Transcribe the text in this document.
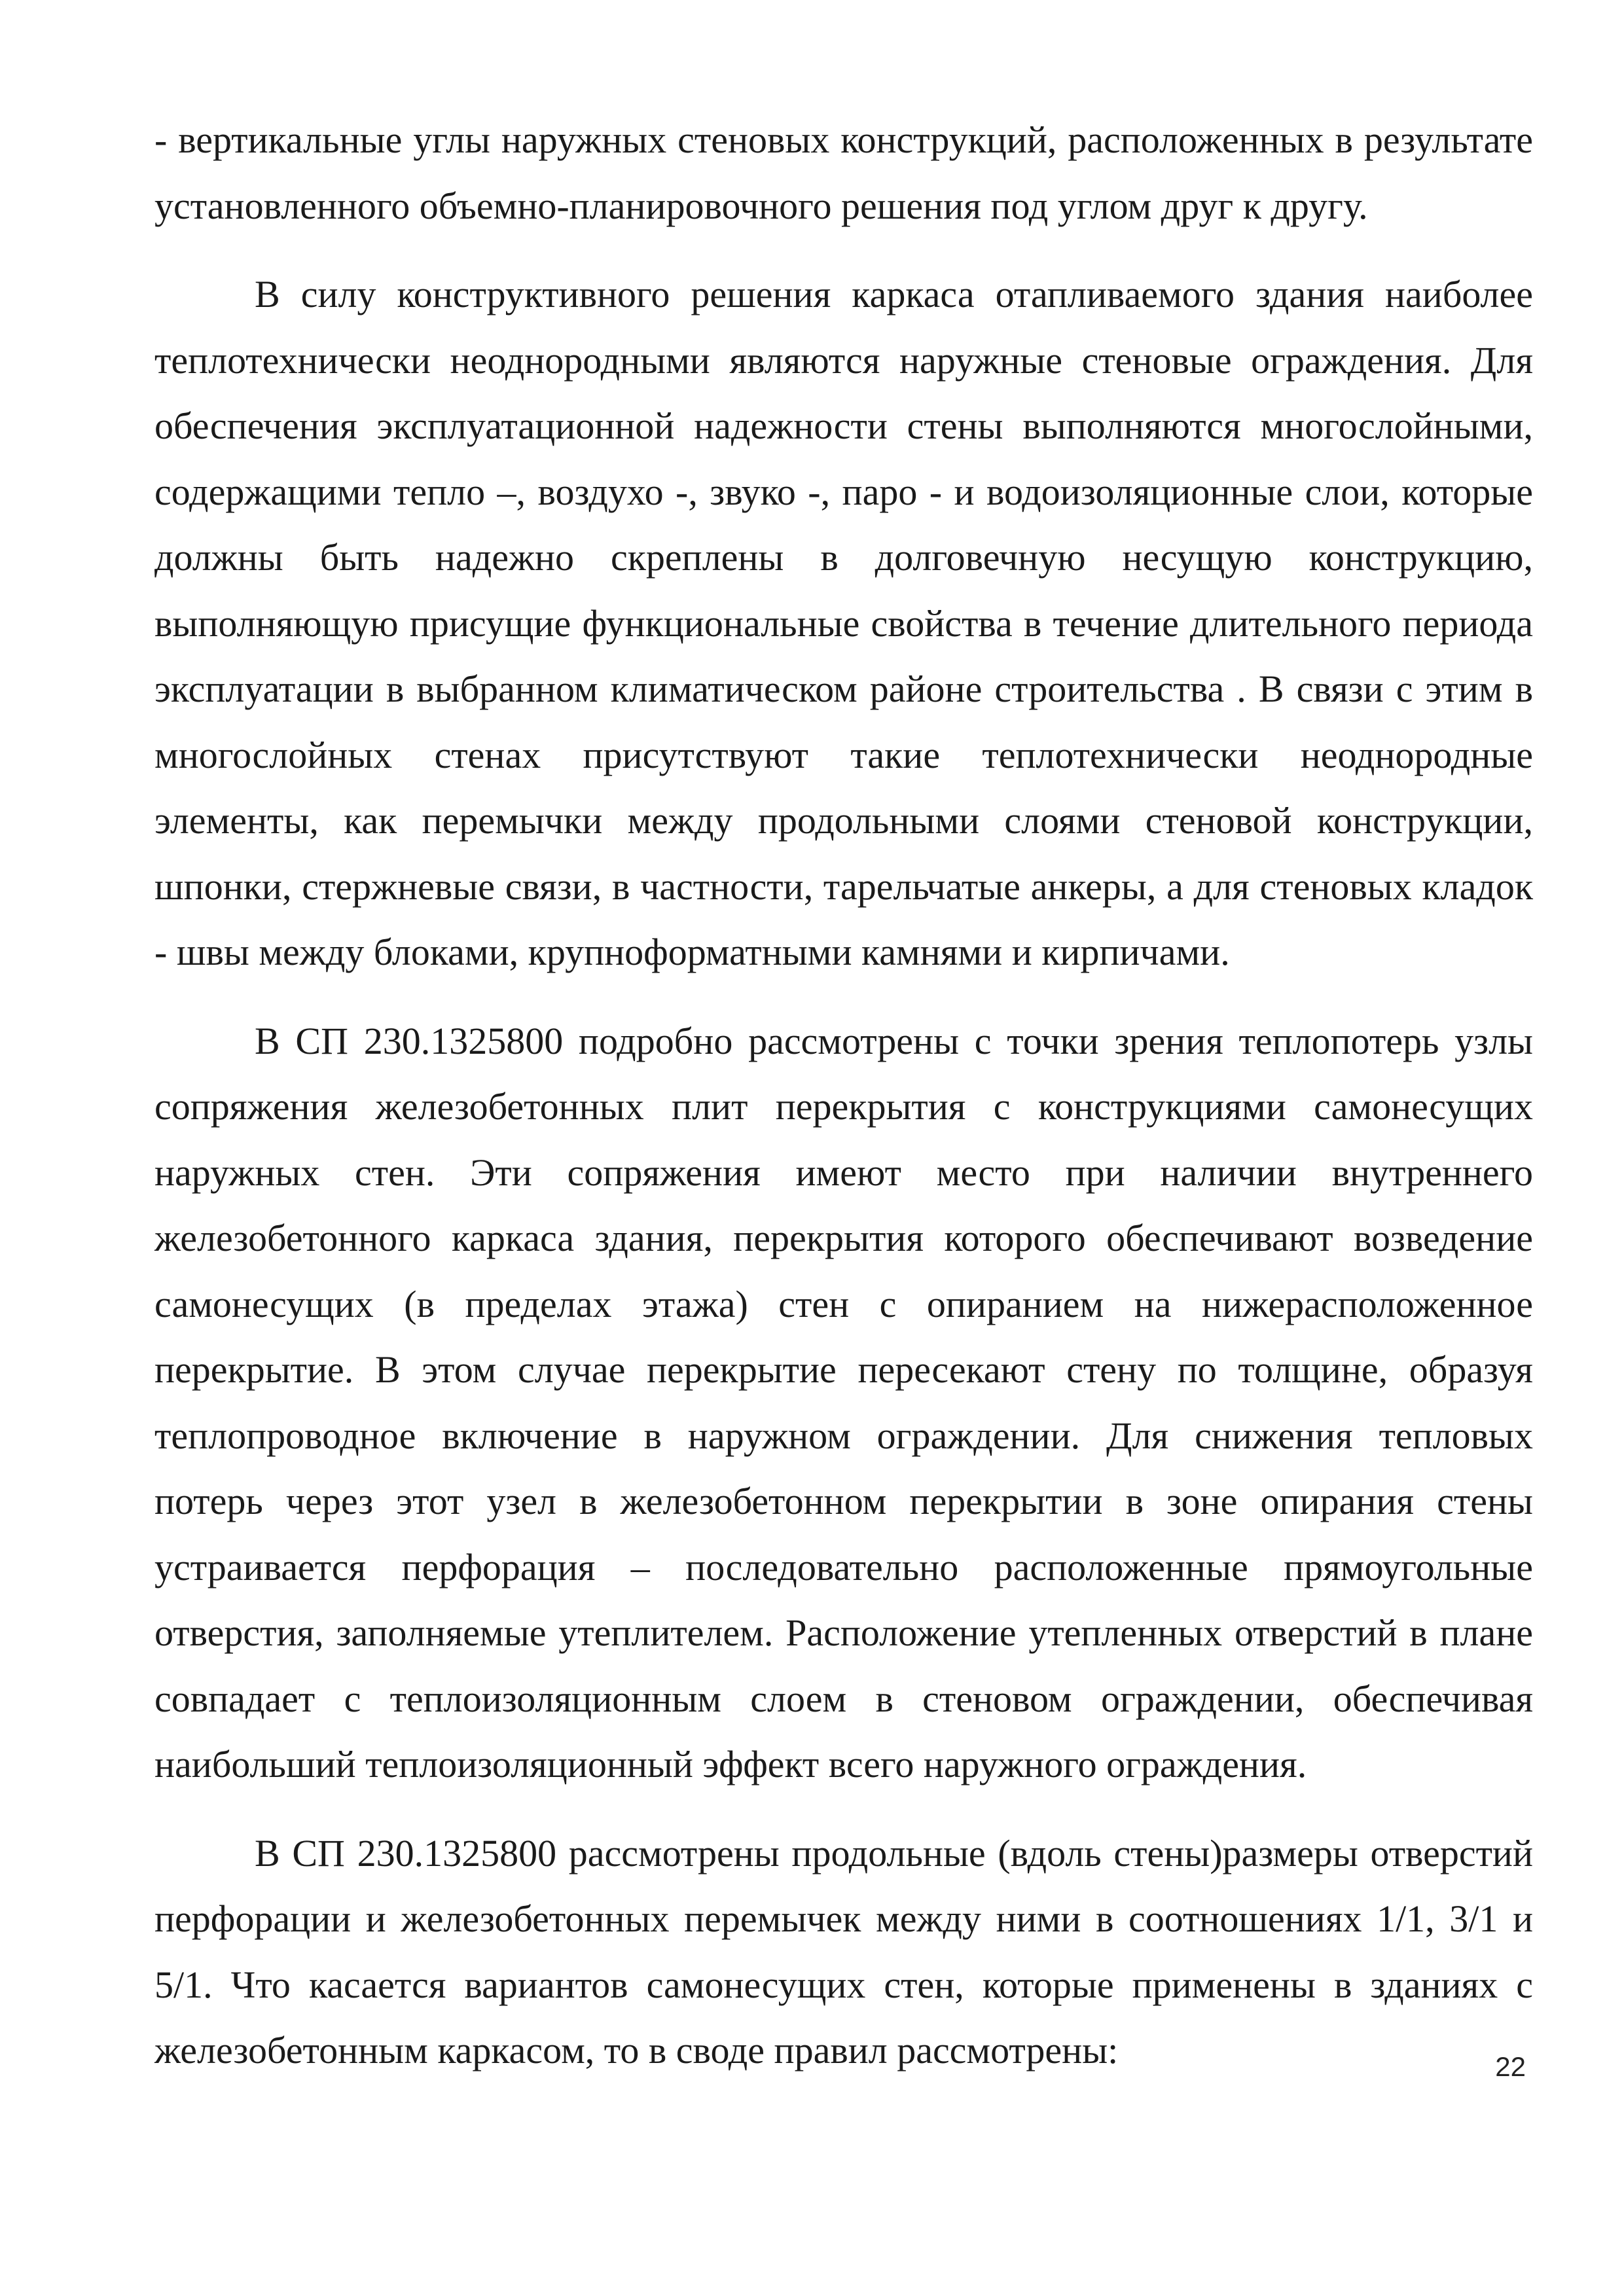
- вертикальные углы наружных стеновых конструкций, расположенных в результате установленного объемно-планировочного решения под углом друг к другу.

В силу конструктивного решения каркаса отапливаемого здания наиболее теплотехнически неоднородными являются наружные стеновые ограждения. Для обеспечения эксплуатационной надежности стены выполняются многослойными, содержащими тепло –, воздухо -, звуко -, паро - и водоизоляционные слои, которые должны быть надежно скреплены в долговечную несущую конструкцию, выполняющую присущие функциональные свойства в течение длительного периода эксплуатации в выбранном климатическом районе строительства . В связи с этим в многослойных стенах присутствуют такие теплотехнически неоднородные элементы, как перемычки между продольными слоями стеновой конструкции, шпонки, стержневые связи, в частности, тарельчатые анкеры, а для стеновых кладок - швы между блоками, крупноформатными камнями и кирпичами.

В СП 230.1325800 подробно рассмотрены с точки зрения теплопотерь узлы сопряжения железобетонных плит перекрытия с конструкциями самонесущих наружных стен. Эти сопряжения имеют место при наличии внутреннего железобетонного каркаса здания, перекрытия которого обеспечивают возведение самонесущих (в пределах этажа) стен с опиранием на нижерасположенное перекрытие. В этом случае перекрытие пересекают стену по толщине, образуя теплопроводное включение в наружном ограждении. Для снижения тепловых потерь через этот узел в железобетонном перекрытии в зоне опирания стены устраивается перфорация – последовательно расположенные прямоугольные отверстия, заполняемые утеплителем. Расположение утепленных отверстий в плане совпадает с теплоизоляционным слоем в стеновом ограждении, обеспечивая наибольший теплоизоляционный эффект всего наружного ограждения.

В СП 230.1325800 рассмотрены продольные (вдоль стены)размеры отверстий перфорации и железобетонных перемычек между ними в соотношениях 1/1, 3/1 и 5/1. Что касается вариантов самонесущих стен, которые применены в зданиях с железобетонным каркасом, то в своде правил рассмотрены:	22
